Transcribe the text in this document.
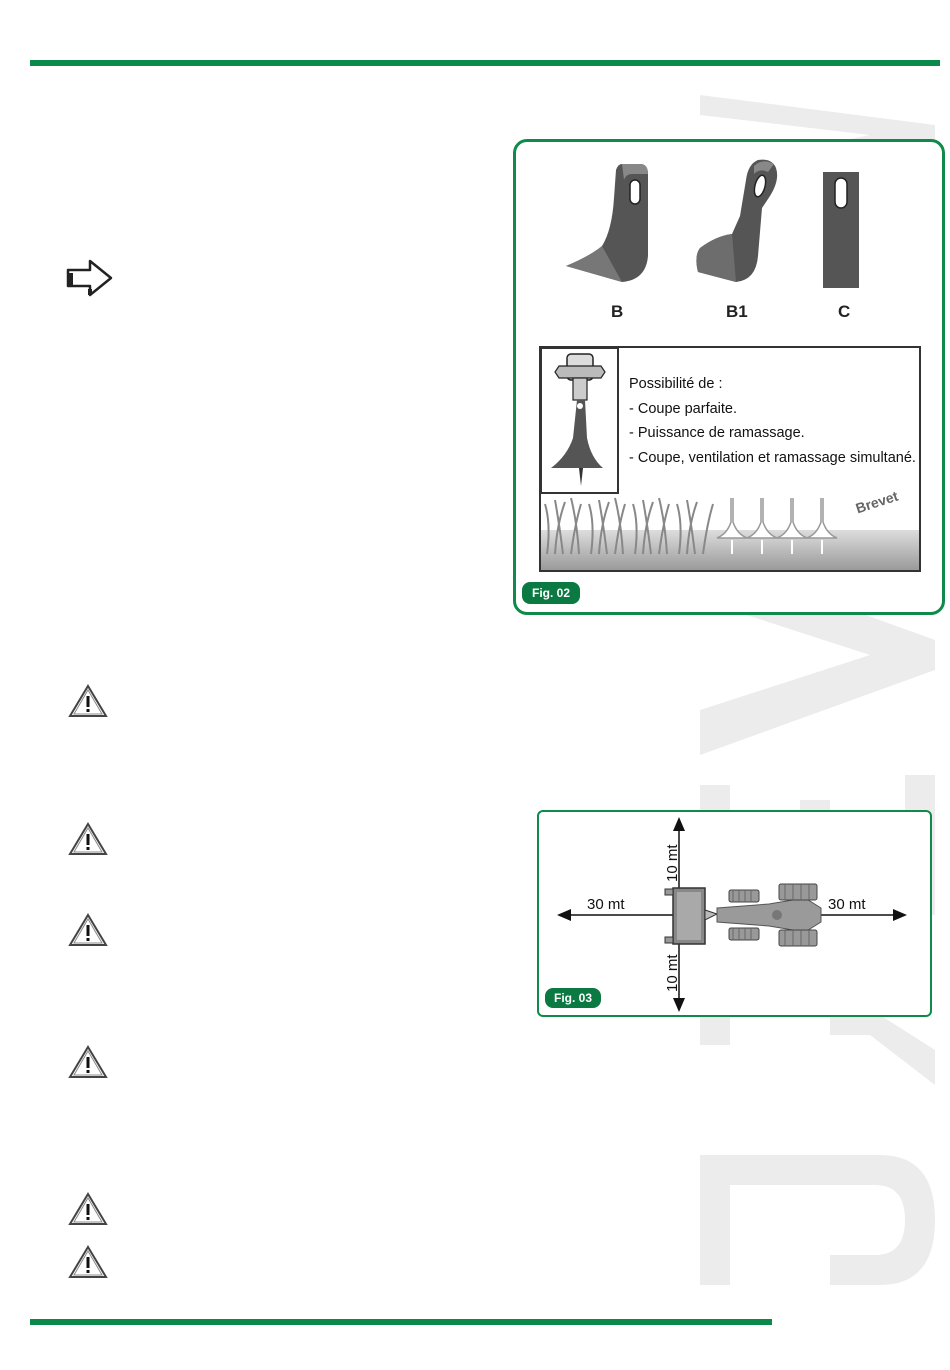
B	B1	C
Possibilité de :
- Coupe parfaite.
- Puissance de ramassage.
- Coupe, ventilation et ramassage simultané.
Brevet
Fig. 02
30 mt	30 mt
10 mt
10 mt
Fig. 03
